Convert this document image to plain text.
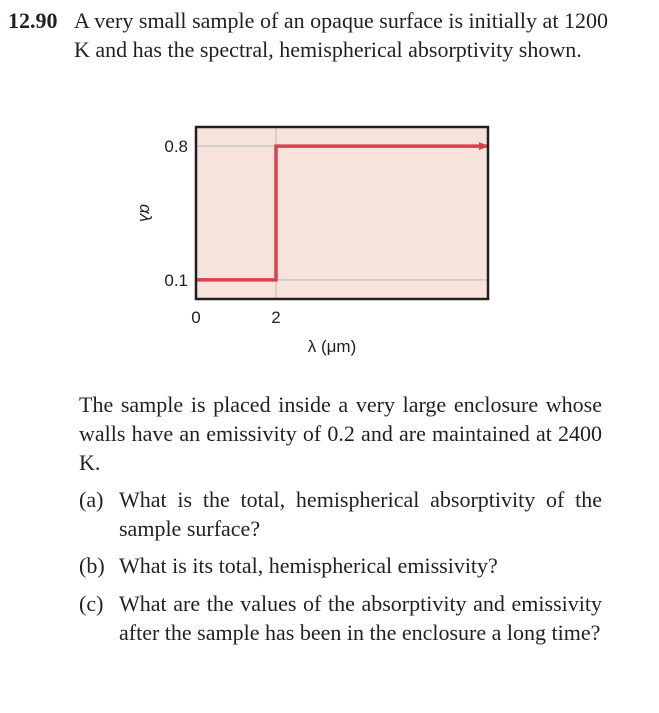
12.90 A very small sample of an opaque surface is initially at 1200 K and has the spectral, hemispherical absorptivity shown.
0.1
0.8
0	2
αλ
λ (μm)
The sample is placed inside a very large enclosure whose walls have an emissivity of 0.2 and are maintained at 2400 K.
(a) What is the total, hemispherical absorptivity of the sample surface?
(b) What is its total, hemispherical emissivity?
(c) What are the values of the absorptivity and emissivity after the sample has been in the enclosure a long time?
